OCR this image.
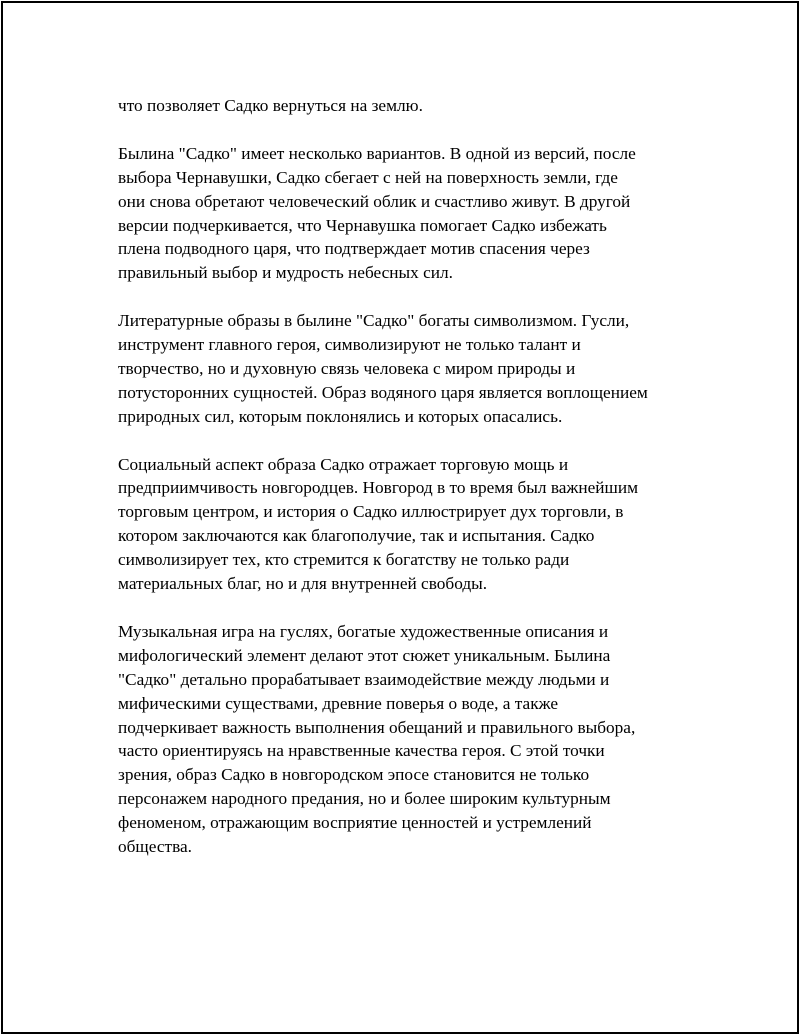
что позволяет Садко вернуться на землю.

Былина "Садко" имеет несколько вариантов. В одной из версий, после
выбора Чернавушки, Садко сбегает с ней на поверхность земли, где
они снова обретают человеческий облик и счастливо живут. В другой
версии подчеркивается, что Чернавушка помогает Садко избежать
плена подводного царя, что подтверждает мотив спасения через
правильный выбор и мудрость небесных сил.

Литературные образы в былине "Садко" богаты символизмом. Гусли,
инструмент главного героя, символизируют не только талант и
творчество, но и духовную связь человека с миром природы и
потусторонних сущностей. Образ водяного царя является воплощением
природных сил, которым поклонялись и которых опасались.

Социальный аспект образа Садко отражает торговую мощь и
предприимчивость новгородцев. Новгород в то время был важнейшим
торговым центром, и история о Садко иллюстрирует дух торговли, в
котором заключаются как благополучие, так и испытания. Садко
символизирует тех, кто стремится к богатству не только ради
материальных благ, но и для внутренней свободы.

Музыкальная игра на гуслях, богатые художественные описания и
мифологический элемент делают этот сюжет уникальным. Былина
"Садко" детально прорабатывает взаимодействие между людьми и
мифическими существами, древние поверья о воде, а также
подчеркивает важность выполнения обещаний и правильного выбора,
часто ориентируясь на нравственные качества героя. С этой точки
зрения, образ Садко в новгородском эпосе становится не только
персонажем народного предания, но и более широким культурным
феноменом, отражающим восприятие ценностей и устремлений
общества.
